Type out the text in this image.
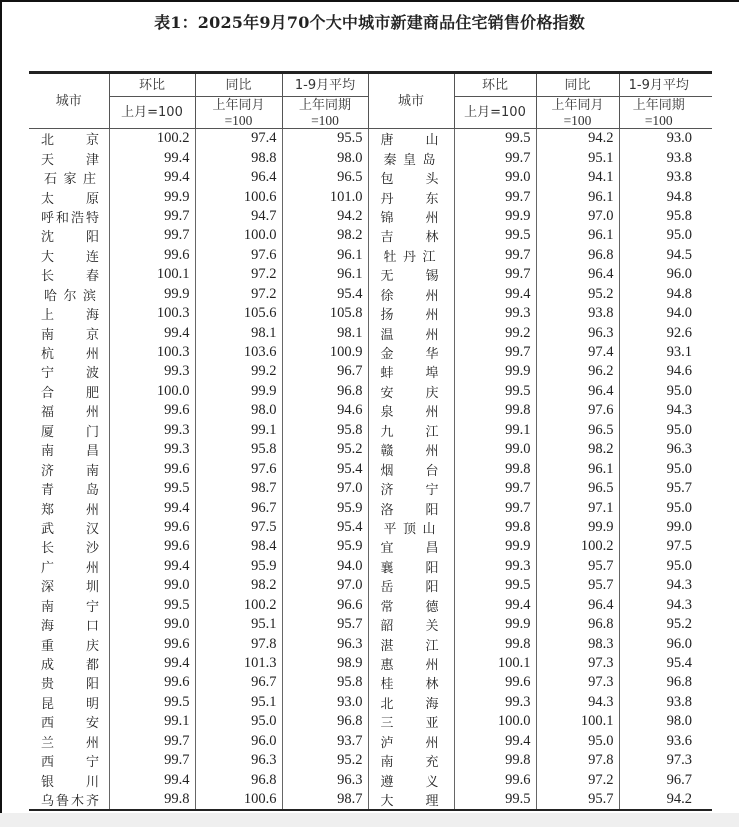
表1：2025年9月70个大中城市新建商品住宅销售价格指数
城市	环比	同比	1-9月平均	城市	环比	同比	1-9月平均
上月=100	上年同月
=100

上年同期
=100	上月=100	上年同月
=100

上年同期
=100

北 京	100.2	97.4	95.5	唐 山	99.5	94.2	93.0

天 津	99.4	98.8	98.0	秦 皇 岛	99.7	95.1	93.8

石 家 庄	99.4	96.4	96.5	包 头	99.0	94.1	93.8

太 原	99.9	100.6	101.0	丹 东	99.7	96.1	94.8

呼 和 浩 特	99.7	94.7	94.2	锦 州	99.9	97.0	95.8

沈 阳	99.7	100.0	98.2	吉 林	99.5	96.1	95.0

大 连	99.6	97.6	96.1	牡 丹 江	99.7	96.8	94.5

长 春	100.1	97.2	96.1	无 锡	99.7	96.4	96.0

哈 尔 滨	99.9	97.2	95.4	徐 州	99.4	95.2	94.8

上 海	100.3	105.6	105.8	扬 州	99.3	93.8	94.0

南 京	99.4	98.1	98.1	温 州	99.2	96.3	92.6

杭 州	100.3	103.6	100.9	金 华	99.7	97.4	93.1

宁 波	99.3	99.2	96.7	蚌 埠	99.9	96.2	94.6

合 肥	100.0	99.9	96.8	安 庆	99.5	96.4	95.0

福 州	99.6	98.0	94.6	泉 州	99.8	97.6	94.3

厦 门	99.3	99.1	95.8	九 江	99.1	96.5	95.0

南 昌	99.3	95.8	95.2	赣 州	99.0	98.2	96.3

济 南	99.6	97.6	95.4	烟 台	99.8	96.1	95.0

青 岛	99.5	98.7	97.0	济 宁	99.7	96.5	95.7

郑 州	99.4	96.7	95.9	洛 阳	99.7	97.1	95.0

武 汉	99.6	97.5	95.4	平 顶 山	99.8	99.9	99.0

长 沙	99.6	98.4	95.9	宜 昌	99.9	100.2	97.5

广 州	99.4	95.9	94.0	襄 阳	99.3	95.7	95.0

深 圳	99.0	98.2	97.0	岳 阳	99.5	95.7	94.3

南 宁	99.5	100.2	96.6	常 德	99.4	96.4	94.3

海 口	99.0	95.1	95.7	韶 关	99.9	96.8	95.2

重 庆	99.6	97.8	96.3	湛 江	99.8	98.3	96.0

成 都	99.4	101.3	98.9	惠 州	100.1	97.3	95.4

贵 阳	99.6	96.7	95.8	桂 林	99.6	97.3	96.8

昆 明	99.5	95.1	93.0	北 海	99.3	94.3	93.8

西 安	99.1	95.0	96.8	三 亚	100.0	100.1	98.0

兰 州	99.7	96.0	93.7	泸 州	99.4	95.0	93.6

西 宁	99.7	96.3	95.2	南 充	99.8	97.8	97.3

银 川	99.4	96.8	96.3	遵 义	99.6	97.2	96.7

乌 鲁 木 齐	99.8	100.6	98.7	大 理	99.5	95.7	94.2
